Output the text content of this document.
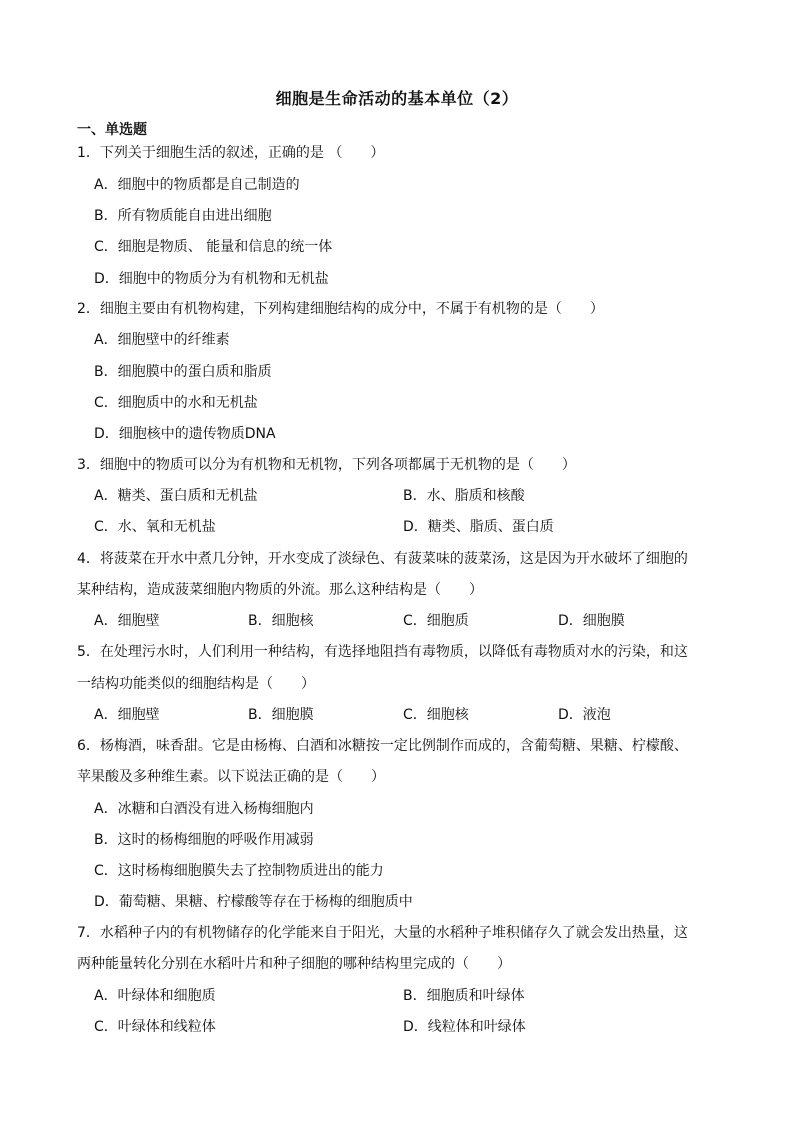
细胞是生命活动的基本单位（2）
一、单选题
1．下列关于细胞生活的叙述，正确的是 （　　）
A．细胞中的物质都是自己制造的
B．所有物质能自由进出细胞
C．细胞是物质、 能量和信息的统一体
D．细胞中的物质分为有机物和无机盐
2．细胞主要由有机物构建，下列构建细胞结构的成分中，不属于有机物的是（　　）
A．细胞壁中的纤维素
B．细胞膜中的蛋白质和脂质
C．细胞质中的水和无机盐
D．细胞核中的遗传物质DNA
3．细胞中的物质可以分为有机物和无机物，下列各项都属于无机物的是（　　）
A．糖类、蛋白质和无机盐	B．水、脂质和核酸
C．水、氧和无机盐	D．糖类、脂质、蛋白质
4．将菠菜在开水中煮几分钟，开水变成了淡绿色、有菠菜味的菠菜汤，这是因为开水破坏了细胞的
某种结构，造成菠菜细胞内物质的外流。那么这种结构是（　　）
A．细胞壁	B．细胞核	C．细胞质	D．细胞膜
5．在处理污水时，人们利用一种结构，有选择地阻挡有毒物质，以降低有毒物质对水的污染，和这
一结构功能类似的细胞结构是（　　）
A．细胞壁	B．细胞膜	C．细胞核	D．液泡
6．杨梅酒，味香甜。它是由杨梅、白酒和冰糖按一定比例制作而成的，含葡萄糖、果糖、柠檬酸、
苹果酸及多种维生素。以下说法正确的是（　　）
A．冰糖和白酒没有进入杨梅细胞内
B．这时的杨梅细胞的呼吸作用减弱
C．这时杨梅细胞膜失去了控制物质进出的能力
D．葡萄糖、果糖、柠檬酸等存在于杨梅的细胞质中
7．水稻种子内的有机物储存的化学能来自于阳光，大量的水稻种子堆积储存久了就会发出热量，这
两种能量转化分别在水稻叶片和种子细胞的哪种结构里完成的（　　）
A．叶绿体和细胞质	B．细胞质和叶绿体
C．叶绿体和线粒体	D．线粒体和叶绿体
